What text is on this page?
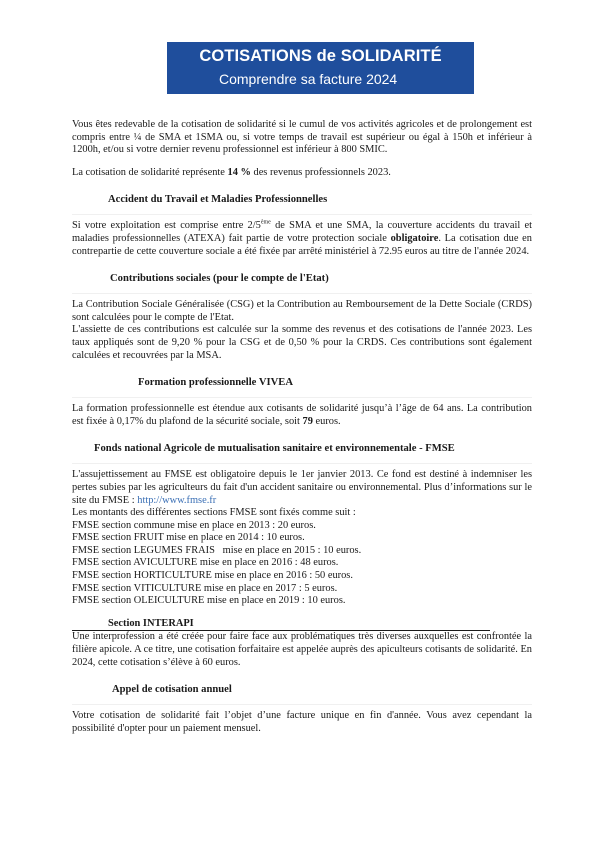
COTISATIONS de SOLIDARITÉ
Comprendre sa facture 2024

Vous êtes redevable de la cotisation de solidarité si le cumul de vos activités agricoles et de prolongement est compris entre ¼ de SMA et 1SMA ou, si votre temps de travail est supérieur ou égal à 150h et inférieur à 1200h, et/ou si votre dernier revenu professionnel est inférieur à 800 SMIC.

La cotisation de solidarité représente 14 % des revenus professionnels 2023.

Accident du Travail et Maladies Professionnelles

Si votre exploitation est comprise entre 2/5ème de SMA et une SMA, la couverture accidents du travail et maladies professionnelles (ATEXA) fait partie de votre protection sociale obligatoire. La cotisation due en contrepartie de cette couverture sociale a été fixée par arrêté ministériel à 72.95 euros au titre de l'année 2024.

Contributions sociales (pour le compte de l'Etat)

La Contribution Sociale Généralisée (CSG) et la Contribution au Remboursement de la Dette Sociale (CRDS) sont calculées pour le compte de l'Etat.

L'assiette de ces contributions est calculée sur la somme des revenus et des cotisations de l'année 2023. Les taux appliqués sont de 9,20 % pour la CSG et de 0,50 % pour la CRDS. Ces contributions sont également calculées et recouvrées par la MSA.

Formation professionnelle VIVEA

La formation professionnelle est étendue aux cotisants de solidarité jusqu’à l’âge de 64 ans. La contribution est fixée à 0,17% du plafond de la sécurité sociale, soit 79 euros.

Fonds national Agricole de mutualisation sanitaire et environnementale - FMSE

L'assujettissement au FMSE est obligatoire depuis le 1er janvier 2013. Ce fond est destiné à indemniser les pertes subies par les agriculteurs du fait d'un accident sanitaire ou environnemental. Plus d’informations sur le site du FMSE : http://www.fmse.fr

Les montants des différentes sections FMSE sont fixés comme suit :

FMSE section commune mise en place en 2013 : 20 euros.
FMSE section FRUIT mise en place en 2014 : 10 euros.
FMSE section LEGUMES FRAIS   mise en place en 2015 : 10 euros.
FMSE section AVICULTURE mise en place en 2016 : 48 euros.
FMSE section HORTICULTURE mise en place en 2016 : 50 euros.
FMSE section VITICULTURE mise en place en 2017 : 5 euros.
FMSE section OLEICULTURE mise en place en 2019 : 10 euros.
Section INTERAPI

Une interprofession a été créée pour faire face aux problématiques très diverses auxquelles est confrontée la filière apicole. A ce titre, une cotisation forfaitaire est appelée auprès des apiculteurs cotisants de solidarité. En 2024, cette cotisation s’élève à 60 euros.

Appel de cotisation annuel

Votre cotisation de solidarité fait l’objet d’une facture unique en fin d'année. Vous avez cependant la possibilité d'opter pour un paiement mensuel.
